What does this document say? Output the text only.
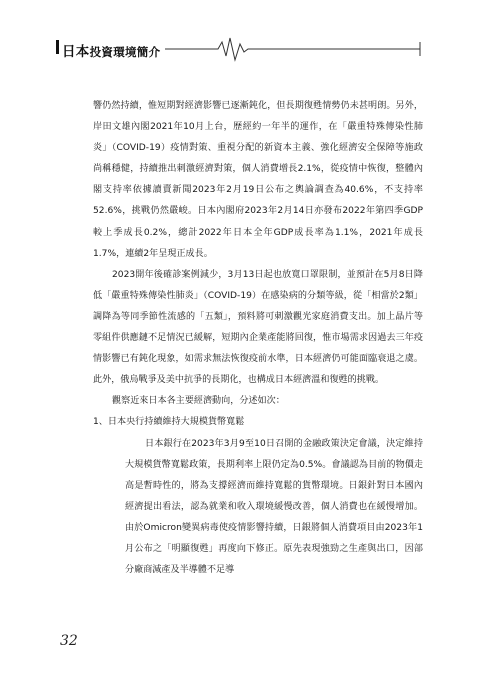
日本投資環境簡介

響仍然持續，惟短期對經濟影響已逐漸鈍化，但長期復甦情勢仍未甚明朗。另外，岸田文雄內閣2021年10月上台，歷經約一年半的運作，在「嚴重特殊傳染性肺炎」（COVID-19）疫情對策、重視分配的新資本主義、強化經濟安全保障等施政尚稱穩健，持續推出刺激經濟對策，個人消費增長2.1%，從疫情中恢復，整體內閣支持率依據讀賣新聞2023年2月19日公布之輿論調查為40.6%，不支持率52.6%，挑戰仍然嚴峻。日本內閣府2023年2月14日亦發布2022年第四季GDP較上季成長0.2%，總計2022年日本全年GDP成長率為1.1%，2021年成長1.7%，連續2年呈現正成長。

2023開年後確診案例減少，3月13日起也放寬口罩限制，並預計在5月8日降低「嚴重特殊傳染性肺炎」（COVID-19）在感染病的分類等級，從「相當於2類」調降為等同季節性流感的「五類」，預料將可刺激觀光家庭消費支出。加上晶片等零組件供應鏈不足情況已緩解，短期內企業產能將回復，惟市場需求因過去三年疫情影響已有鈍化現象，如需求無法恢復疫前水準，日本經濟仍可能面臨衰退之虞。此外，俄烏戰爭及美中抗爭的長期化，也構成日本經濟溫和復甦的挑戰。

觀察近來日本各主要經濟動向，分述如次：

1、日本央行持續維持大規模貨幣寬鬆

日本銀行在2023年3月9至10日召開的金融政策決定會議，決定維持大規模貨幣寬鬆政策，長期利率上限仍定為0.5%。會議認為目前的物價走高是暫時性的，將為支撐經濟而維持寬鬆的貨幣環境。日銀針對日本國內經濟提出看法，認為就業和收入環境緩慢改善，個人消費也在緩慢增加。由於Omicron變異病毒使疫情影響持續，日銀將個人消費項目由2023年1月公布之「明顯復甦」再度向下修正。原先表現強勁之生產與出口，因部分廠商減產及半導體不足導

32
